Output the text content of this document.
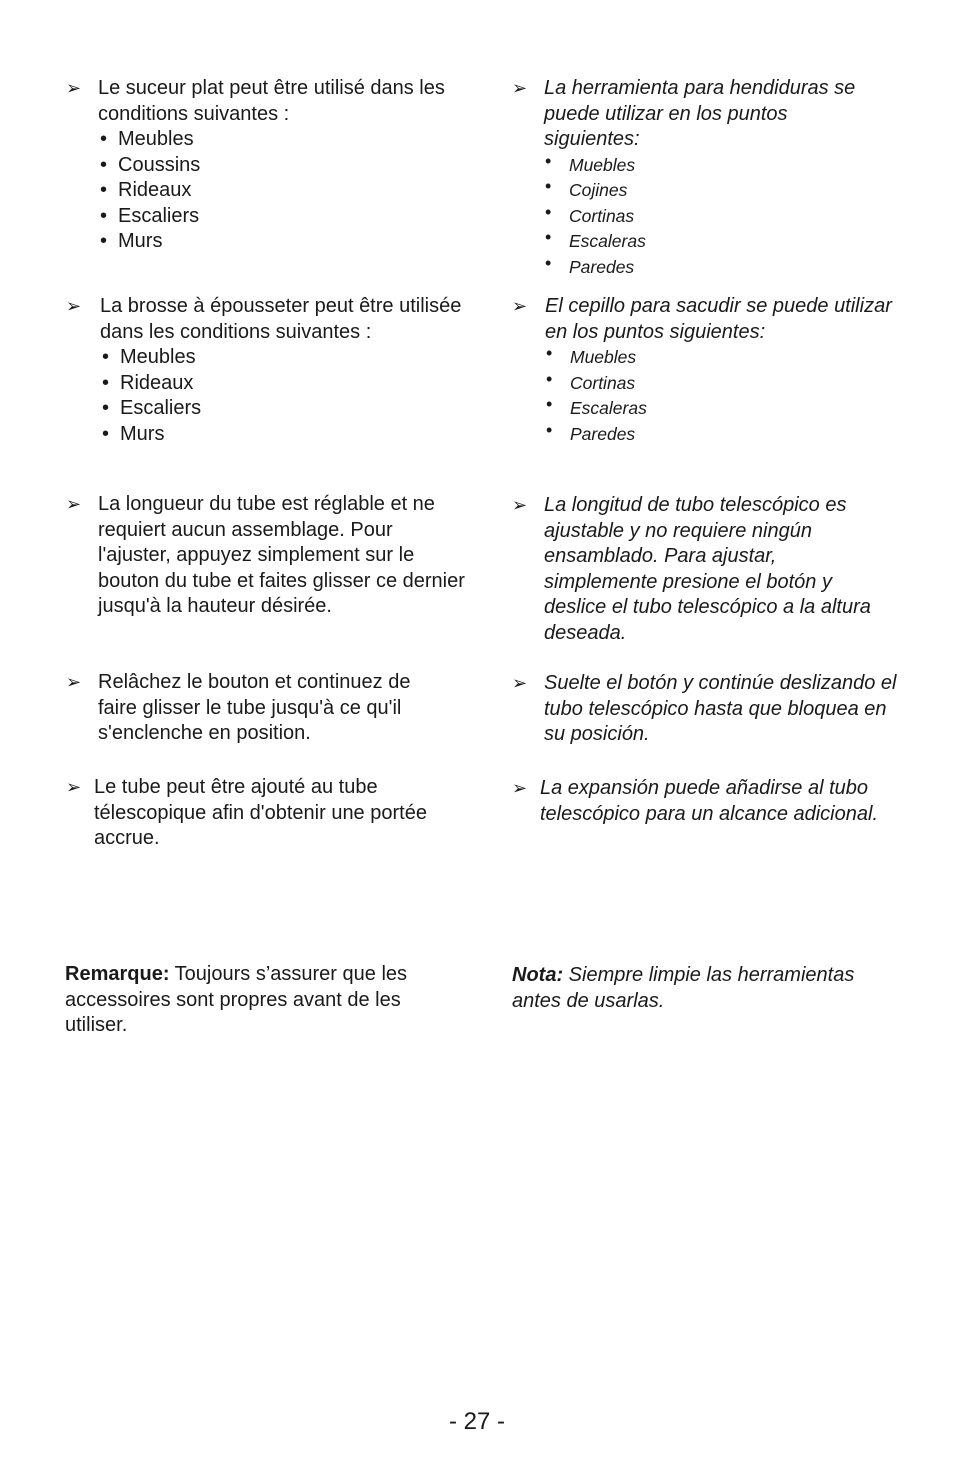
➢ Le suceur plat peut être utilisé dans les conditions suivantes :
• Meubles
• Coussins
• Rideaux
• Escaliers
• Murs
➢ La brosse à épousseter peut être utilisée dans les conditions suivantes :
• Meubles
• Rideaux
• Escaliers
• Murs
➢ La longueur du tube est réglable et ne requiert aucun assemblage. Pour l'ajuster, appuyez simplement sur le bouton du tube et faites glisser ce dernier jusqu'à la hauteur désirée.
➢ Relâchez le bouton et continuez de faire glisser le tube jusqu'à ce qu'il s'enclenche en position.
➢ Le tube peut être ajouté au tube télescopique afin d'obtenir une portée accrue.
➢ La herramienta para hendiduras se puede utilizar en los puntos siguientes:
• Muebles
• Cojines
• Cortinas
• Escaleras
• Paredes
➢ El cepillo para sacudir se puede utilizar en los puntos siguientes:
• Muebles
• Cortinas
• Escaleras
• Paredes
➢ La longitud de tubo telescópico es ajustable y no requiere ningún ensamblado. Para ajustar, simplemente presione el botón y deslice el tubo telescópico a la altura deseada.
➢ Suelte el botón y continúe deslizando el tubo telescópico hasta que bloquea en su posición.
➢ La expansión puede añadirse al tubo telescópico para un alcance adicional.
Remarque: Toujours s’assurer que les accessoires sont propres avant de les utiliser.
Nota: Siempre limpie las herramientas antes de usarlas.
- 27 -
